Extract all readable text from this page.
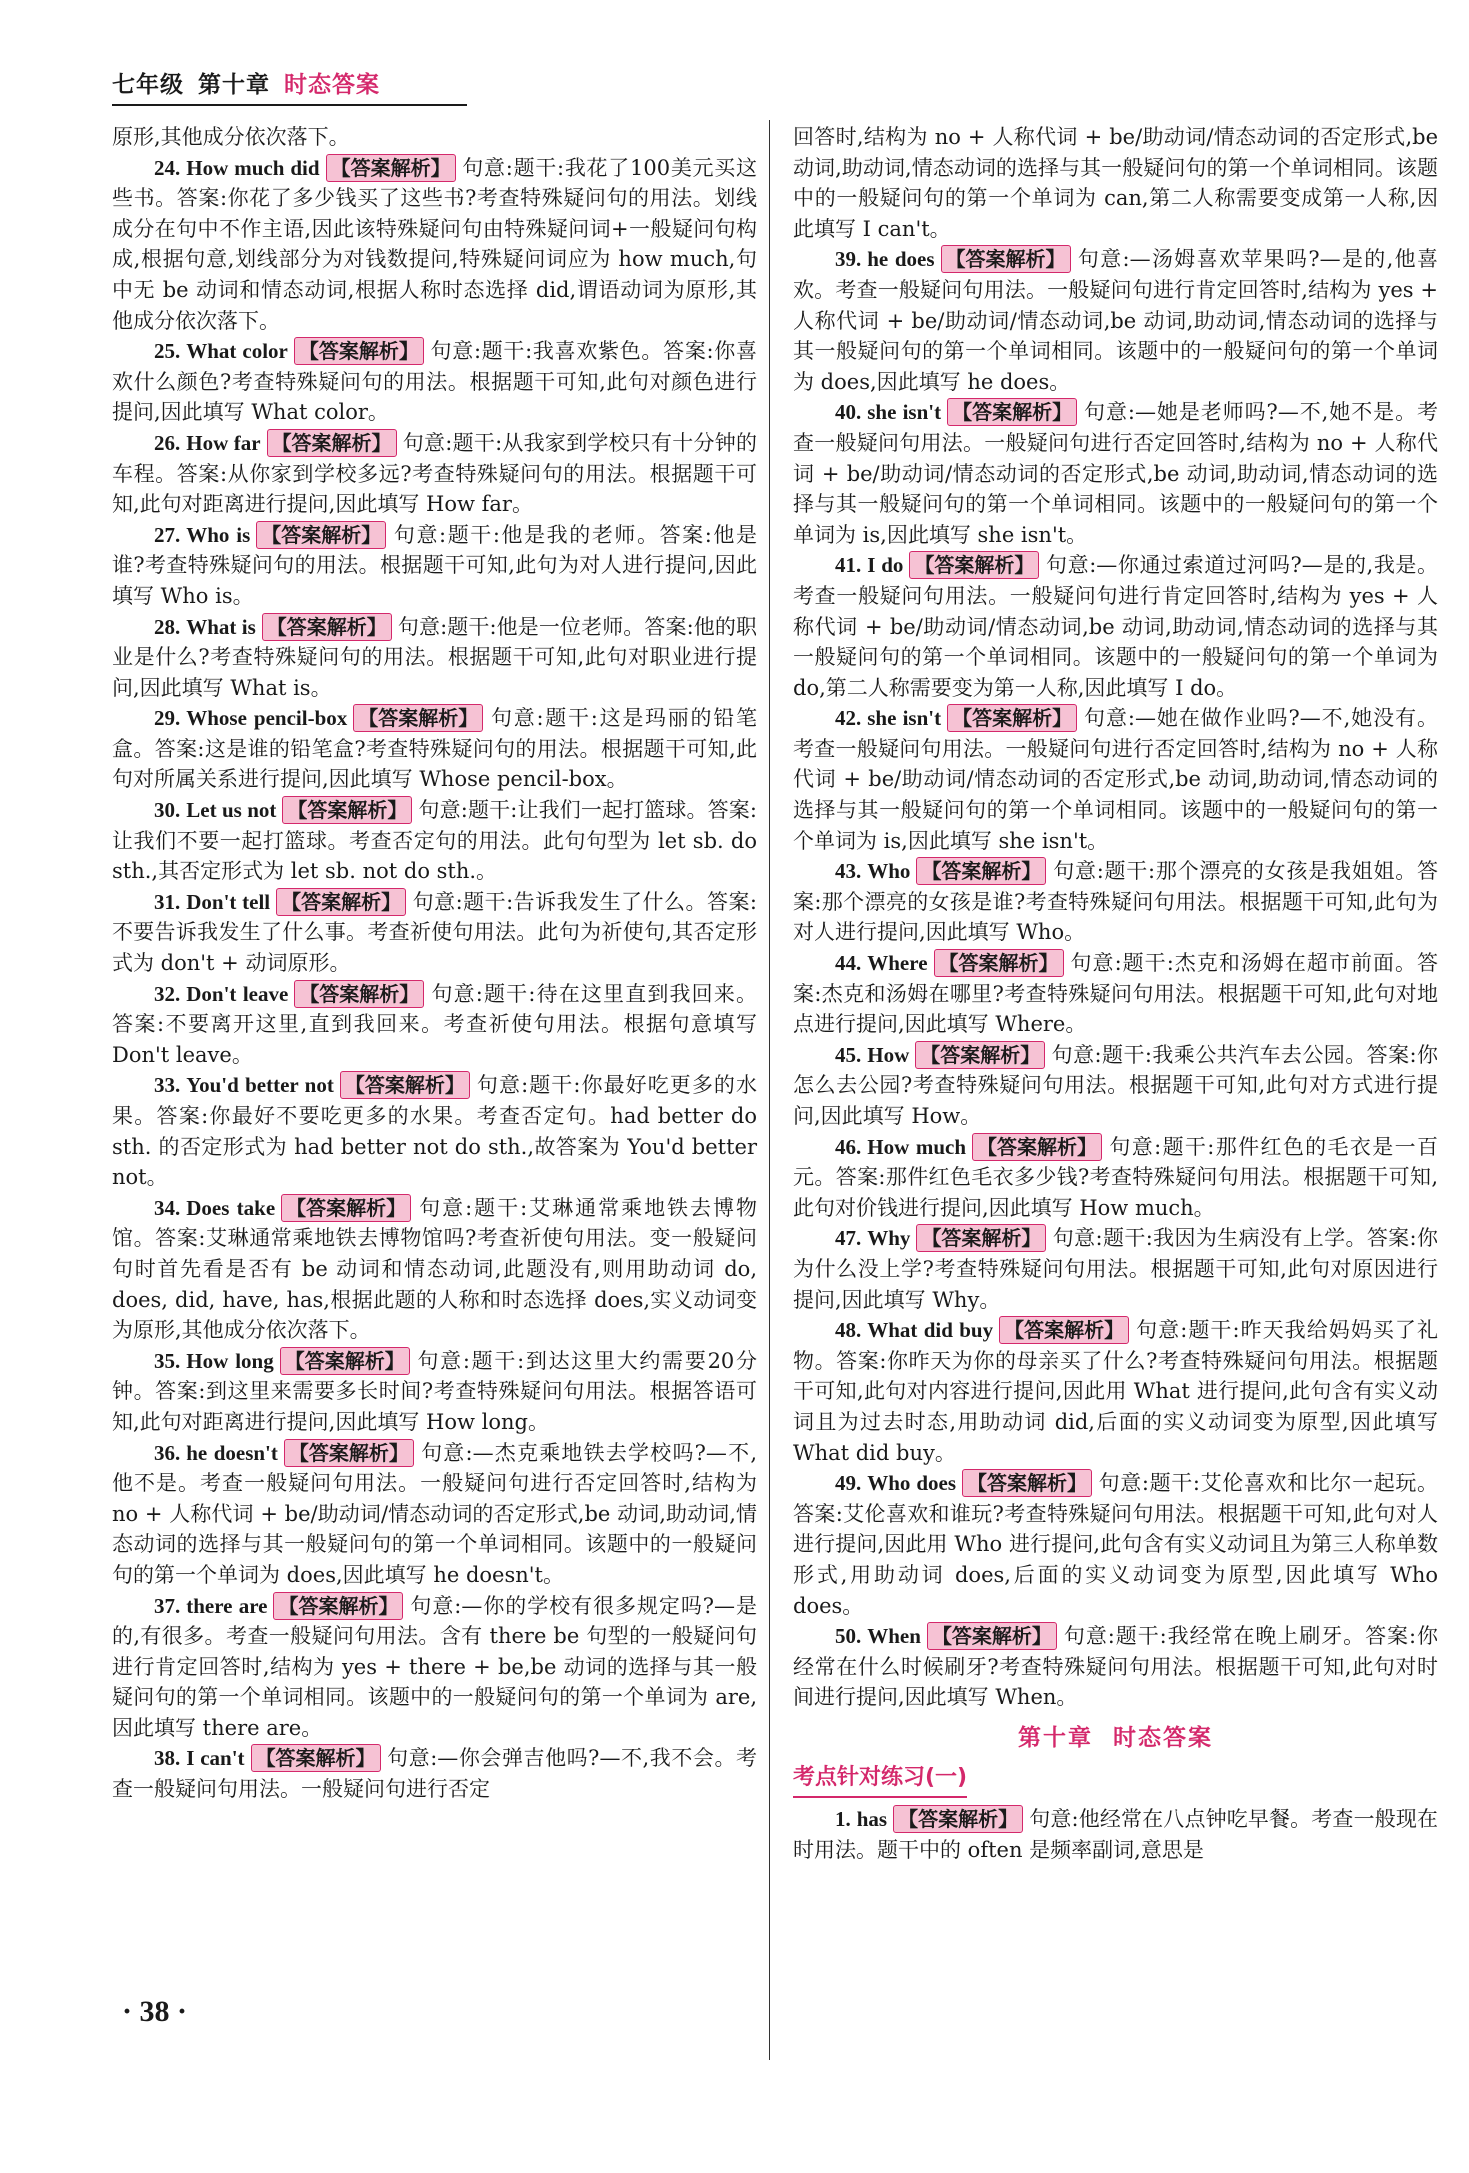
七年级 第十章 时态答案

原形,其他成分依次落下。

24. How much did 【答案解析】 句意:题干:我花了100美元买这些书。答案:你花了多少钱买了这些书?考查特殊疑问句的用法。划线成分在句中不作主语,因此该特殊疑问句由特殊疑问词+一般疑问句构成,根据句意,划线部分为对钱数提问,特殊疑问词应为 how much,句中无 be 动词和情态动词,根据人称时态选择 did,谓语动词为原形,其他成分依次落下。

25. What color 【答案解析】 句意:题干:我喜欢紫色。答案:你喜欢什么颜色?考查特殊疑问句的用法。根据题干可知,此句对颜色进行提问,因此填写 What color。

26. How far 【答案解析】 句意:题干:从我家到学校只有十分钟的车程。答案:从你家到学校多远?考查特殊疑问句的用法。根据题干可知,此句对距离进行提问,因此填写 How far。

27. Who is 【答案解析】 句意:题干:他是我的老师。答案:他是谁?考查特殊疑问句的用法。根据题干可知,此句为对人进行提问,因此填写 Who is。

28. What is 【答案解析】 句意:题干:他是一位老师。答案:他的职业是什么?考查特殊疑问句的用法。根据题干可知,此句对职业进行提问,因此填写 What is。

29. Whose pencil-box 【答案解析】 句意:题干:这是玛丽的铅笔盒。答案:这是谁的铅笔盒?考查特殊疑问句的用法。根据题干可知,此句对所属关系进行提问,因此填写 Whose pencil-box。

30. Let us not 【答案解析】 句意:题干:让我们一起打篮球。答案:让我们不要一起打篮球。考查否定句的用法。此句句型为 let sb. do sth.,其否定形式为 let sb. not do sth.。

31. Don't tell 【答案解析】 句意:题干:告诉我发生了什么。答案:不要告诉我发生了什么事。考查祈使句用法。此句为祈使句,其否定形式为 don't + 动词原形。

32. Don't leave 【答案解析】 句意:题干:待在这里直到我回来。答案:不要离开这里,直到我回来。考查祈使句用法。根据句意填写 Don't leave。

33. You'd better not 【答案解析】 句意:题干:你最好吃更多的水果。答案:你最好不要吃更多的水果。考查否定句。had better do sth. 的否定形式为 had better not do sth.,故答案为 You'd better not。

34. Does take 【答案解析】 句意:题干:艾琳通常乘地铁去博物馆。答案:艾琳通常乘地铁去博物馆吗?考查祈使句用法。变一般疑问句时首先看是否有 be 动词和情态动词,此题没有,则用助动词 do, does, did, have, has,根据此题的人称和时态选择 does,实义动词变为原形,其他成分依次落下。

35. How long 【答案解析】 句意:题干:到达这里大约需要20分钟。答案:到这里来需要多长时间?考查特殊疑问句用法。根据答语可知,此句对距离进行提问,因此填写 How long。

36. he doesn't 【答案解析】 句意:—杰克乘地铁去学校吗?—不,他不是。考查一般疑问句用法。一般疑问句进行否定回答时,结构为 no + 人称代词 + be/助动词/情态动词的否定形式,be 动词,助动词,情态动词的选择与其一般疑问句的第一个单词相同。该题中的一般疑问句的第一个单词为 does,因此填写 he doesn't。

37. there are 【答案解析】 句意:—你的学校有很多规定吗?—是的,有很多。考查一般疑问句用法。含有 there be 句型的一般疑问句进行肯定回答时,结构为 yes + there + be,be 动词的选择与其一般疑问句的第一个单词相同。该题中的一般疑问句的第一个单词为 are,因此填写 there are。

38. I can't 【答案解析】 句意:—你会弹吉他吗?—不,我不会。考查一般疑问句用法。一般疑问句进行否定

回答时,结构为 no + 人称代词 + be/助动词/情态动词的否定形式,be 动词,助动词,情态动词的选择与其一般疑问句的第一个单词相同。该题中的一般疑问句的第一个单词为 can,第二人称需要变成第一人称,因此填写 I can't。

39. he does 【答案解析】 句意:—汤姆喜欢苹果吗?—是的,他喜欢。考查一般疑问句用法。一般疑问句进行肯定回答时,结构为 yes + 人称代词 + be/助动词/情态动词,be 动词,助动词,情态动词的选择与其一般疑问句的第一个单词相同。该题中的一般疑问句的第一个单词为 does,因此填写 he does。

40. she isn't 【答案解析】 句意:—她是老师吗?—不,她不是。考查一般疑问句用法。一般疑问句进行否定回答时,结构为 no + 人称代词 + be/助动词/情态动词的否定形式,be 动词,助动词,情态动词的选择与其一般疑问句的第一个单词相同。该题中的一般疑问句的第一个单词为 is,因此填写 she isn't。

41. I do 【答案解析】 句意:—你通过索道过河吗?—是的,我是。考查一般疑问句用法。一般疑问句进行肯定回答时,结构为 yes + 人称代词 + be/助动词/情态动词,be 动词,助动词,情态动词的选择与其一般疑问句的第一个单词相同。该题中的一般疑问句的第一个单词为 do,第二人称需要变为第一人称,因此填写 I do。

42. she isn't 【答案解析】 句意:—她在做作业吗?—不,她没有。考查一般疑问句用法。一般疑问句进行否定回答时,结构为 no + 人称代词 + be/助动词/情态动词的否定形式,be 动词,助动词,情态动词的选择与其一般疑问句的第一个单词相同。该题中的一般疑问句的第一个单词为 is,因此填写 she isn't。

43. Who 【答案解析】 句意:题干:那个漂亮的女孩是我姐姐。答案:那个漂亮的女孩是谁?考查特殊疑问句用法。根据题干可知,此句为对人进行提问,因此填写 Who。

44. Where 【答案解析】 句意:题干:杰克和汤姆在超市前面。答案:杰克和汤姆在哪里?考查特殊疑问句用法。根据题干可知,此句对地点进行提问,因此填写 Where。

45. How 【答案解析】 句意:题干:我乘公共汽车去公园。答案:你怎么去公园?考查特殊疑问句用法。根据题干可知,此句对方式进行提问,因此填写 How。

46. How much 【答案解析】 句意:题干:那件红色的毛衣是一百元。答案:那件红色毛衣多少钱?考查特殊疑问句用法。根据题干可知,此句对价钱进行提问,因此填写 How much。

47. Why 【答案解析】 句意:题干:我因为生病没有上学。答案:你为什么没上学?考查特殊疑问句用法。根据题干可知,此句对原因进行提问,因此填写 Why。

48. What did buy 【答案解析】 句意:题干:昨天我给妈妈买了礼物。答案:你昨天为你的母亲买了什么?考查特殊疑问句用法。根据题干可知,此句对内容进行提问,因此用 What 进行提问,此句含有实义动词且为过去时态,用助动词 did,后面的实义动词变为原型,因此填写 What did buy。

49. Who does 【答案解析】 句意:题干:艾伦喜欢和比尔一起玩。答案:艾伦喜欢和谁玩?考查特殊疑问句用法。根据题干可知,此句对人进行提问,因此用 Who 进行提问,此句含有实义动词且为第三人称单数形式,用助动词 does,后面的实义动词变为原型,因此填写 Who does。

50. When 【答案解析】 句意:题干:我经常在晚上刷牙。答案:你经常在什么时候刷牙?考查特殊疑问句用法。根据题干可知,此句对时间进行提问,因此填写 When。

第十章 时态答案
考点针对练习(一)

1. has 【答案解析】 句意:他经常在八点钟吃早餐。考查一般现在时用法。题干中的 often 是频率副词,意思是

· 38 ·
